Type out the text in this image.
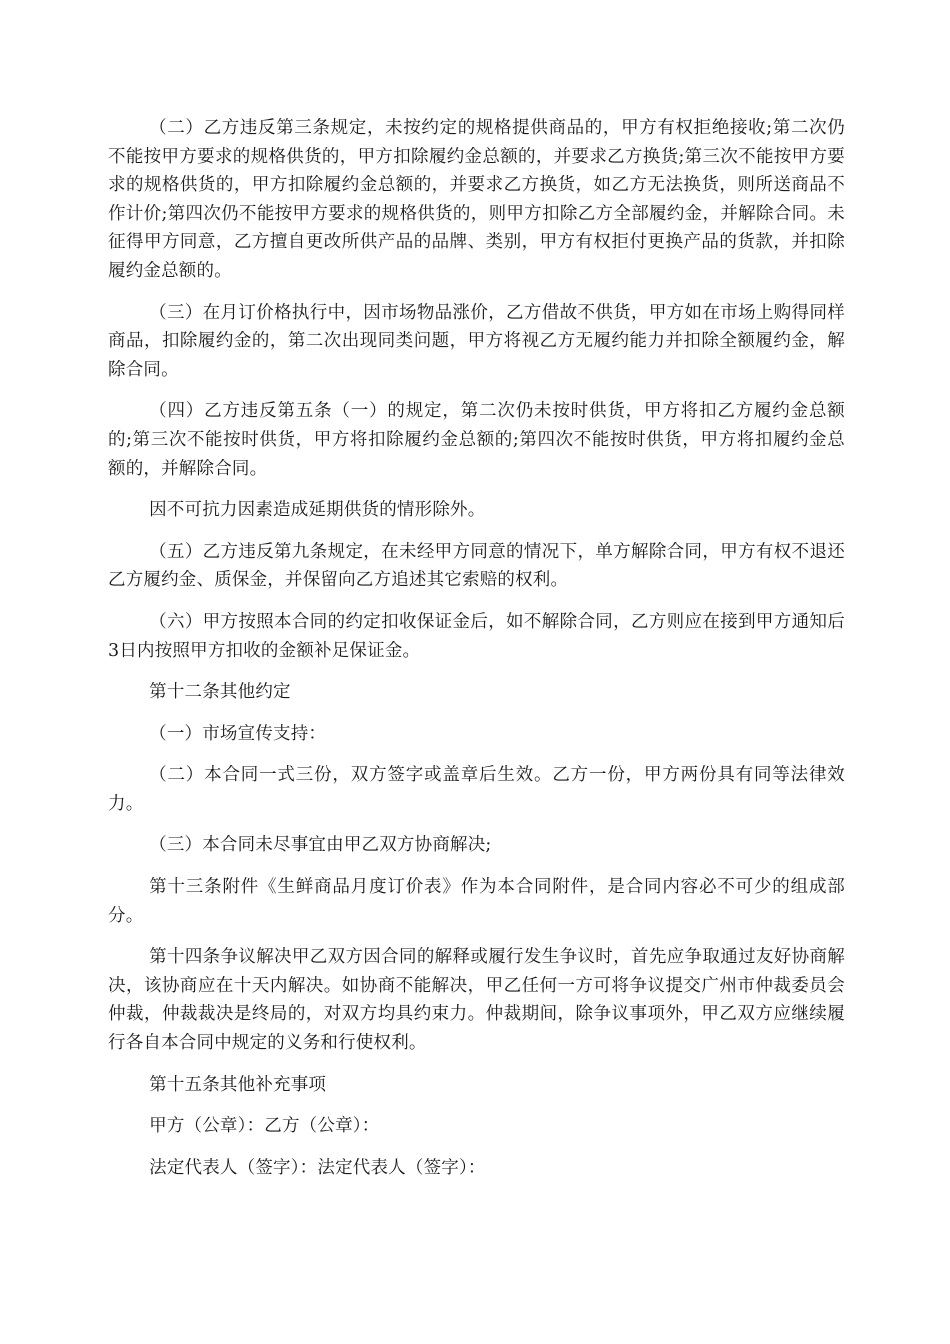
（二）乙方违反第三条规定，未按约定的规格提供商品的，甲方有权拒绝接收;第二次仍不能按甲方要求的规格供货的，甲方扣除履约金总额的，并要求乙方换货;第三次不能按甲方要求的规格供货的，甲方扣除履约金总额的，并要求乙方换货，如乙方无法换货，则所送商品不作计价;第四次仍不能按甲方要求的规格供货的，则甲方扣除乙方全部履约金，并解除合同。未征得甲方同意，乙方擅自更改所供产品的品牌、类别，甲方有权拒付更换产品的货款，并扣除履约金总额的。

（三）在月订价格执行中，因市场物品涨价，乙方借故不供货，甲方如在市场上购得同样商品，扣除履约金的，第二次出现同类问题，甲方将视乙方无履约能力并扣除全额履约金，解除合同。

（四）乙方违反第五条（一）的规定，第二次仍未按时供货，甲方将扣乙方履约金总额的;第三次不能按时供货，甲方将扣除履约金总额的;第四次不能按时供货，甲方将扣履约金总额的，并解除合同。

因不可抗力因素造成延期供货的情形除外。

（五）乙方违反第九条规定，在未经甲方同意的情况下，单方解除合同，甲方有权不退还乙方履约金、质保金，并保留向乙方追述其它索赔的权利。

（六）甲方按照本合同的约定扣收保证金后，如不解除合同，乙方则应在接到甲方通知后3日内按照甲方扣收的金额补足保证金。

第十二条其他约定

（一）市场宣传支持：

（二）本合同一式三份，双方签字或盖章后生效。乙方一份，甲方两份具有同等法律效力。

（三）本合同未尽事宜由甲乙双方协商解决;

第十三条附件《生鲜商品月度订价表》作为本合同附件，是合同内容必不可少的组成部分。

第十四条争议解决甲乙双方因合同的解释或履行发生争议时，首先应争取通过友好协商解决，该协商应在十天内解决。如协商不能解决，甲乙任何一方可将争议提交广州市仲裁委员会仲裁，仲裁裁决是终局的，对双方均具约束力。仲裁期间，除争议事项外，甲乙双方应继续履行各自本合同中规定的义务和行使权利。

第十五条其他补充事项

甲方（公章）：乙方（公章）：

法定代表人（签字）：法定代表人（签字）：
